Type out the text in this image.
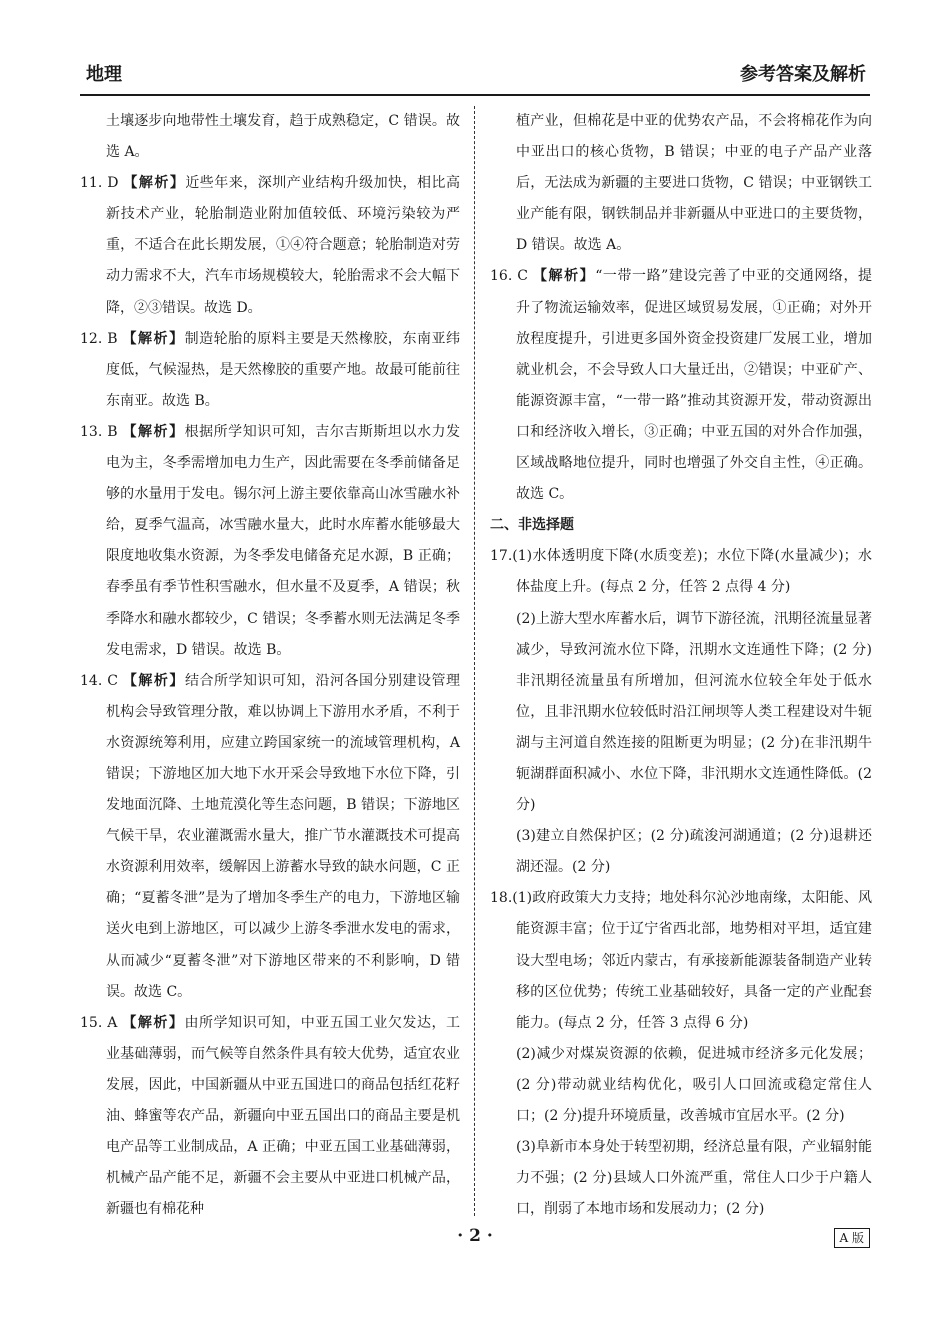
地理	参考答案及解析

土壤逐步向地带性土壤发育，趋于成熟稳定，C 错误。故选 A。

11. D 【解析】近些年来，深圳产业结构升级加快，相比高新技术产业，轮胎制造业附加值较低、环境污染较为严重，不适合在此长期发展，①④符合题意；轮胎制造对劳动力需求不大，汽车市场规模较大，轮胎需求不会大幅下降，②③错误。故选 D。

12. B 【解析】制造轮胎的原料主要是天然橡胶，东南亚纬度低，气候湿热，是天然橡胶的重要产地。故最可能前往东南亚。故选 B。

13. B 【解析】根据所学知识可知，吉尔吉斯斯坦以水力发电为主，冬季需增加电力生产，因此需要在冬季前储备足够的水量用于发电。锡尔河上游主要依靠高山冰雪融水补给，夏季气温高，冰雪融水量大，此时水库蓄水能够最大限度地收集水资源，为冬季发电储备充足水源，B 正确；春季虽有季节性积雪融水，但水量不及夏季，A 错误；秋季降水和融水都较少，C 错误；冬季蓄水则无法满足冬季发电需求，D 错误。故选 B。

14. C 【解析】结合所学知识可知，沿河各国分别建设管理机构会导致管理分散，难以协调上下游用水矛盾，不利于水资源统筹利用，应建立跨国家统一的流域管理机构，A 错误；下游地区加大地下水开采会导致地下水位下降，引发地面沉降、土地荒漠化等生态问题，B 错误；下游地区气候干旱，农业灌溉需水量大，推广节水灌溉技术可提高水资源利用效率，缓解因上游蓄水导致的缺水问题，C 正确；“夏蓄冬泄”是为了增加冬季生产的电力，下游地区输送火电到上游地区，可以减少上游冬季泄水发电的需求，从而减少“夏蓄冬泄”对下游地区带来的不利影响，D 错误。故选 C。

15. A 【解析】由所学知识可知，中亚五国工业欠发达，工业基础薄弱，而气候等自然条件具有较大优势，适宜农业发展，因此，中国新疆从中亚五国进口的商品包括红花籽油、蜂蜜等农产品，新疆向中亚五国出口的商品主要是机电产品等工业制成品，A 正确；中亚五国工业基础薄弱，机械产品产能不足，新疆不会主要从中亚进口机械产品，新疆也有棉花种

植产业，但棉花是中亚的优势农产品，不会将棉花作为向中亚出口的核心货物，B 错误；中亚的电子产品产业落后，无法成为新疆的主要进口货物，C 错误；中亚钢铁工业产能有限，钢铁制品并非新疆从中亚进口的主要货物，D 错误。故选 A。

16. C 【解析】“一带一路”建设完善了中亚的交通网络，提升了物流运输效率，促进区域贸易发展，①正确；对外开放程度提升，引进更多国外资金投资建厂发展工业，增加就业机会，不会导致人口大量迁出，②错误；中亚矿产、能源资源丰富，“一带一路”推动其资源开发，带动资源出口和经济收入增长，③正确；中亚五国的对外合作加强，区域战略地位提升，同时也增强了外交自主性，④正确。故选 C。

二、非选择题

17.(1)水体透明度下降(水质变差)；水位下降(水量减少)；水体盐度上升。(每点 2 分，任答 2 点得 4 分)

(2)上游大型水库蓄水后，调节下游径流，汛期径流量显著减少，导致河流水位下降，汛期水文连通性下降；(2 分)非汛期径流量虽有所增加，但河流水位较全年处于低水位，且非汛期水位较低时沿江闸坝等人类工程建设对牛轭湖与主河道自然连接的阻断更为明显；(2 分)在非汛期牛轭湖群面积减小、水位下降，非汛期水文连通性降低。(2 分)

(3)建立自然保护区；(2 分)疏浚河湖通道；(2 分)退耕还湖还湿。(2 分)

18.(1)政府政策大力支持；地处科尔沁沙地南缘，太阳能、风能资源丰富；位于辽宁省西北部，地势相对平坦，适宜建设大型电场；邻近内蒙古，有承接新能源装备制造产业转移的区位优势；传统工业基础较好，具备一定的产业配套能力。(每点 2 分，任答 3 点得 6 分)

(2)减少对煤炭资源的依赖，促进城市经济多元化发展；(2 分)带动就业结构优化，吸引人口回流或稳定常住人口；(2 分)提升环境质量，改善城市宜居水平。(2 分)

(3)阜新市本身处于转型初期，经济总量有限，产业辐射能力不强；(2 分)县域人口外流严重，常住人口少于户籍人口，削弱了本地市场和发展动力；(2 分)

· 2 ·	A 版
